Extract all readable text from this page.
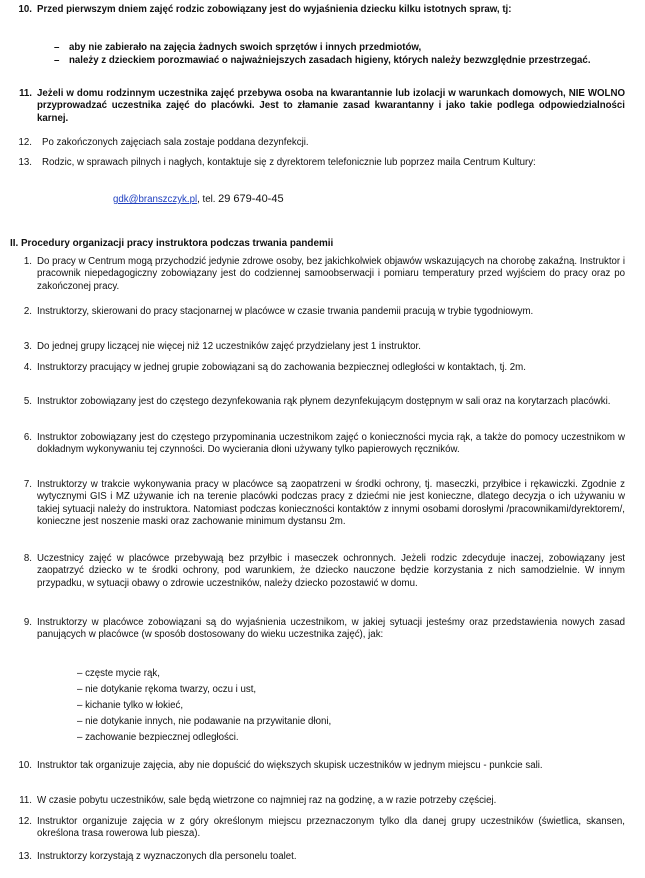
10. Przed pierwszym dniem zajęć rodzic zobowiązany jest do wyjaśnienia dziecku kilku istotnych spraw, tj:
– aby nie zabierało na zajęcia żadnych swoich sprzętów i innych przedmiotów,
– należy z dzieckiem porozmawiać o najważniejszych zasadach higieny, których należy bezwzględnie przestrzegać.
11. Jeżeli w domu rodzinnym uczestnika zajęć przebywa osoba na kwarantannie lub izolacji w warunkach domowych, NIE WOLNO przyprowadzać uczestnika zajęć do placówki. Jest to złamanie zasad kwarantanny i jako takie podlega odpowiedzialności karnej.
12. Po zakończonych zajęciach sala zostaje poddana dezynfekcji.
13. Rodzic, w sprawach pilnych i nagłych, kontaktuje się z dyrektorem telefonicznie lub poprzez maila Centrum Kultury:
gdk@branszczyk.pl, tel. 29 679-40-45
II. Procedury organizacji pracy instruktora podczas trwania pandemii
1. Do pracy w Centrum mogą przychodzić jedynie zdrowe osoby, bez jakichkolwiek objawów wskazujących na chorobę zakaźną. Instruktor i pracownik niepedagogiczny zobowiązany jest do codziennej samoobserwacji i pomiaru temperatury przed wyjściem do pracy oraz po zakończonej pracy.
2. Instruktorzy, skierowani do pracy stacjonarnej w placówce w czasie trwania pandemii pracują w trybie tygodniowym.
3. Do jednej grupy liczącej nie więcej niż 12 uczestników zajęć przydzielany jest 1 instruktor.
4. Instruktorzy pracujący w jednej grupie zobowiązani są do zachowania bezpiecznej odległości w kontaktach, tj. 2m.
5. Instruktor zobowiązany jest do częstego dezynfekowania rąk płynem dezynfekującym dostępnym w sali oraz na korytarzach placówki.
6. Instruktor zobowiązany jest do częstego przypominania uczestnikom zajęć o konieczności mycia rąk, a także do pomocy uczestnikom w dokładnym wykonywaniu tej czynności. Do wycierania dłoni używany tylko papierowych ręczników.
7. Instruktorzy w trakcie wykonywania pracy w placówce są zaopatrzeni w środki ochrony, tj. maseczki, przyłbice i rękawiczki. Zgodnie z wytycznymi GIS i MZ używanie ich na terenie placówki podczas pracy z dziećmi nie jest konieczne, dlatego decyzja o ich używaniu w takiej sytuacji należy do instruktora. Natomiast podczas konieczności kontaktów z innymi osobami dorosłymi /pracownikami/dyrektorem/, konieczne jest noszenie maski oraz zachowanie minimum dystansu 2m.
8. Uczestnicy zajęć w placówce przebywają bez przyłbic i maseczek ochronnych. Jeżeli rodzic zdecyduje inaczej, zobowiązany jest zaopatrzyć dziecko w te środki ochrony, pod warunkiem, że dziecko nauczone będzie korzystania z nich samodzielnie. W innym przypadku, w sytuacji obawy o zdrowie uczestników, należy dziecko pozostawić w domu.
9. Instruktorzy w placówce zobowiązani są do wyjaśnienia uczestnikom, w jakiej sytuacji jesteśmy oraz przedstawienia nowych zasad panujących w placówce (w sposób dostosowany do wieku uczestnika zajęć), jak:
– częste mycie rąk,
– nie dotykanie rękoma twarzy, oczu i ust,
– kichanie tylko w łokieć,
– nie dotykanie innych, nie podawanie na przywitanie dłoni,
– zachowanie bezpiecznej odległości.
10. Instruktor tak organizuje zajęcia, aby nie dopuścić do większych skupisk uczestników w jednym miejscu - punkcie sali.
11. W czasie pobytu uczestników, sale będą wietrzone co najmniej raz na godzinę, a w razie potrzeby częściej.
12. Instruktor organizuje zajęcia w z góry określonym miejscu przeznaczonym tylko dla danej grupy uczestników (świetlica, skansen, określona trasa rowerowa lub piesza).
13. Instruktorzy korzystają z wyznaczonych dla personelu toalet.
